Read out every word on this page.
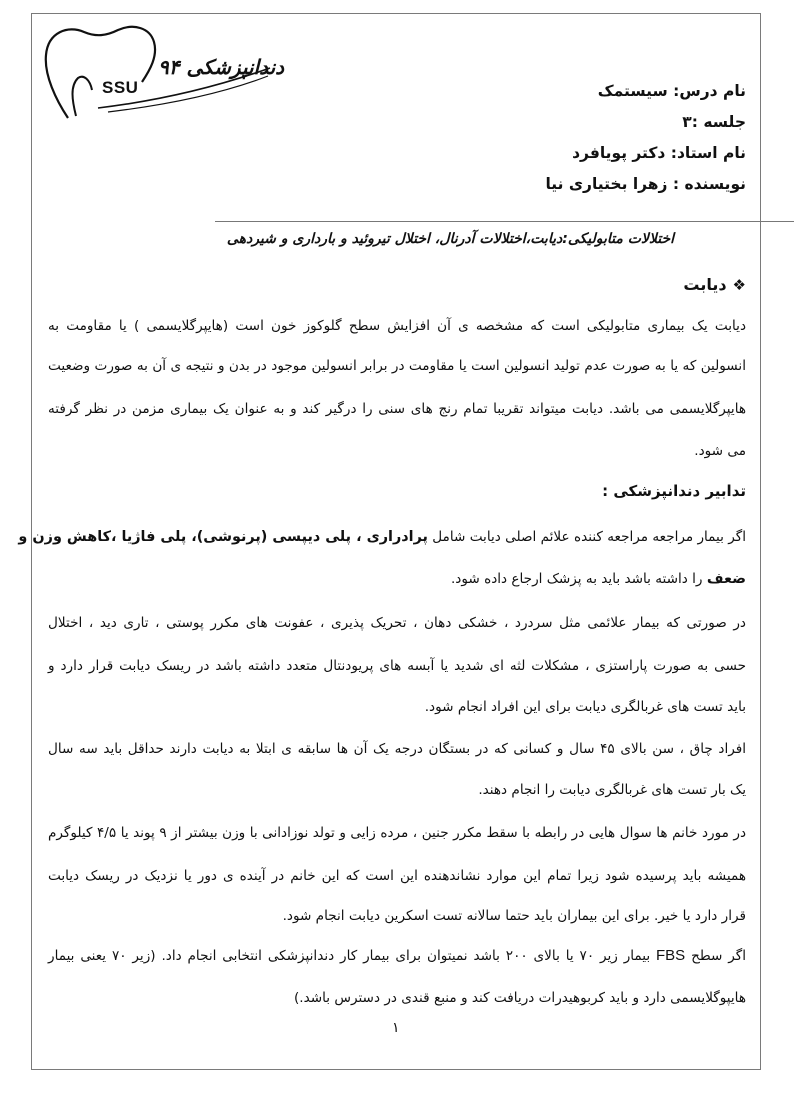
دندانپزشکی ۹۴
SSU	نام درس: سیستمک
جلسه :۳
نام استاد: دکتر پویافرد
نویسنده : زهرا بختیاری نیا
اختلالات متابولیکی:دیابت،اختلالات آدرنال، اختلال تیروئید و بارداری و شیردهی
❖دیابت
دیابت یک بیماری متابولیکی است که مشخصه ی آن افزایش سطح گلوکوز خون است (هایپرگلایسمی ) یا مقاومت به
انسولین که یا به صورت عدم تولید انسولین است یا مقاومت در برابر انسولین موجود در بدن و نتیجه ی آن به صورت وضعیت
هایپرگلایسمی می باشد. دیابت میتواند تقریبا تمام رنج های سنی را درگیر کند و به عنوان یک بیماری مزمن در نظر گرفته
می شود.
تدابیر دندانپزشکی :
اگر بیمار مراجعه مراجعه کننده علائم اصلی دیابت شامل پرادراری ، پلی دیپسی (پرنوشی)، پلی فاژیا ،کاهش وزن و
ضعف را داشته باشد باید به پزشک ارجاع داده شود.
در صورتی که بیمار علائمی مثل سردرد ، خشکی دهان ، تحریک پذیری ، عفونت های مکرر پوستی ، تاری دید ، اختلال
حسی به صورت پاراستزی ، مشکلات لثه ای شدید یا آبسه های پریودنتال متعدد داشته باشد در ریسک دیابت قرار دارد و
باید تست های غربالگری دیابت برای این افراد انجام شود.
افراد چاق ، سن بالای ۴۵ سال و کسانی که در بستگان درجه یک آن ها سابقه ی ابتلا به دیابت دارند حداقل باید سه سال
یک بار تست های غربالگری دیابت را انجام دهند.
در مورد خانم ها سوال هایی در رابطه با سقط مکرر جنین ، مرده زایی و تولد نوزادانی با وزن بیشتر از ۹ پوند یا ۴/۵ کیلوگرم
همیشه باید پرسیده شود زیرا تمام این موارد نشاندهنده این است که این خانم در آینده ی دور یا نزدیک در ریسک دیابت
قرار دارد یا خیر. برای این بیماران باید حتما سالانه تست اسکرین دیابت انجام شود.
اگر سطح FBS بیمار زیر ۷۰ یا بالای ۲۰۰ باشد نمیتوان برای بیمار کار دندانپزشکی انتخابی انجام داد. (زیر ۷۰ یعنی بیمار
هایپوگلایسمی دارد و باید کربوهیدرات دریافت کند و منبع قندی در دسترس باشد.)
۱
